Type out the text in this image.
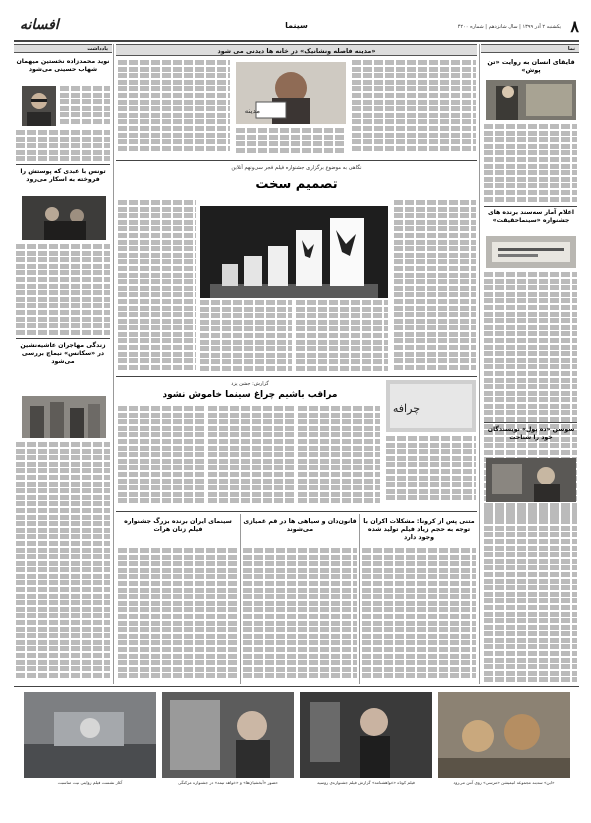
۸
یکشنبه ۲ آذر ۱۳۹۹ | سال شانزدهم | شماره ۴۲۰۰
سینما
افسانه
نما
قایقای انسان به روایت «تن پوش»
اعلام آمار سه‌سند برنده های جشنواره «سینماحقیقت»
سوسن «ده پول» نویسندگان خود را شناخت
یادداشت
نوید محمدزاده نخستین میهمان شهاب حسینی می‌شود
تونس با عبدی که پوستش را فروخته به اسکار می‌رود
زندگی مهاجران عاشیه‌نشین در «سکانس» نیماچ بررسی می‌شود
«مدینه فاصله ونشانیک» در خانه ها دیدنی می شود
مدینه
نگاهی به موضوع برگزاری جشنواره فیلم فجر سی‌ونهم آنلاین
تصمیم سخت
چرافه
گزارش: جشن یزد
مراقب باشیم چراغ سینما خاموش نشود
متنی پس از کرونا: مشکلات اکران با توجه به حجم زیاد فیلم تولید شده وجود دارد
قانون‌دان و سیاهی ها در قم غمیازی می‌شوند
سینمای ایران برنده بزرگ جشنواره فیلم زنان هرات
«ابن» سه‌بند مجموعه انیمیشن «مرسی» روی آنتن می‌رود
فیلم کوتاه «خواهشنامه» گزارش فیلم جشنواره‌ی روسیه
حضور «آبخشیان‌ها» و «خواهد تیمه» در جشنواره مرکنگی
آغاز نشست فیلم روایتی نیت مناسبت
